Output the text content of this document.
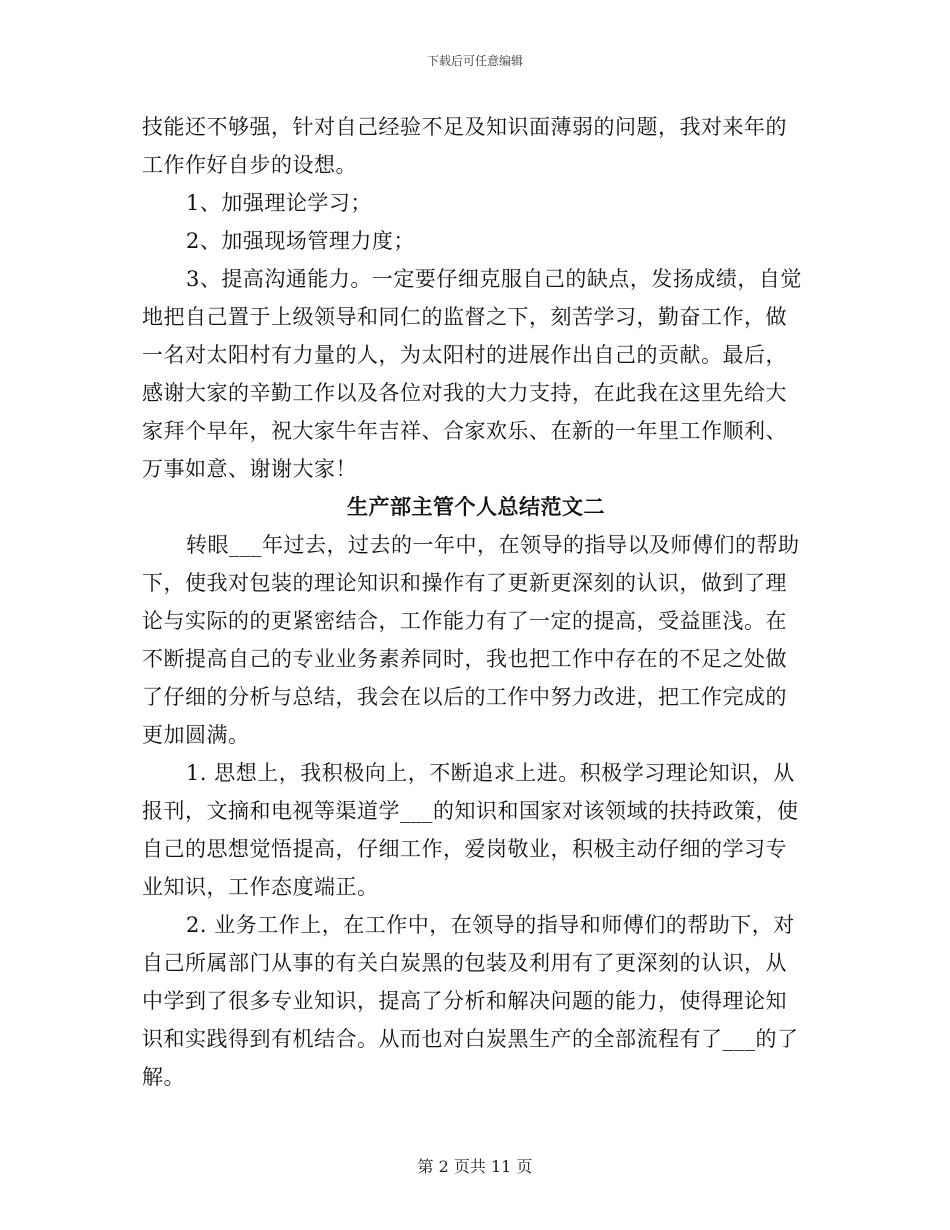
下载后可任意编辑
技能还不够强，针对自己经验不足及知识面薄弱的问题，我对来年的
工作作好自步的设想。
1、加强理论学习；
2、加强现场管理力度；
3、提高沟通能力。一定要仔细克服自己的缺点，发扬成绩，自觉
地把自己置于上级领导和同仁的监督之下，刻苦学习，勤奋工作，做
一名对太阳村有力量的人，为太阳村的进展作出自己的贡献。最后，
感谢大家的辛勤工作以及各位对我的大力支持，在此我在这里先给大
家拜个早年，祝大家牛年吉祥、合家欢乐、在新的一年里工作顺利、
万事如意、谢谢大家！
生产部主管个人总结范文二
转眼___年过去，过去的一年中，在领导的指导以及师傅们的帮助
下，使我对包装的理论知识和操作有了更新更深刻的认识，做到了理
论与实际的的更紧密结合，工作能力有了一定的提高，受益匪浅。在
不断提高自己的专业业务素养同时，我也把工作中存在的不足之处做
了仔细的分析与总结，我会在以后的工作中努力改进，把工作完成的
更加圆满。
1. 思想上，我积极向上，不断追求上进。积极学习理论知识，从
报刊，文摘和电视等渠道学___的知识和国家对该领域的扶持政策，使
自己的思想觉悟提高，仔细工作，爱岗敬业，积极主动仔细的学习专
业知识，工作态度端正。
2. 业务工作上，在工作中，在领导的指导和师傅们的帮助下，对
自己所属部门从事的有关白炭黑的包装及利用有了更深刻的认识，从
中学到了很多专业知识，提高了分析和解决问题的能力，使得理论知
识和实践得到有机结合。从而也对白炭黑生产的全部流程有了___的了
解。
第 2 页共 11 页
